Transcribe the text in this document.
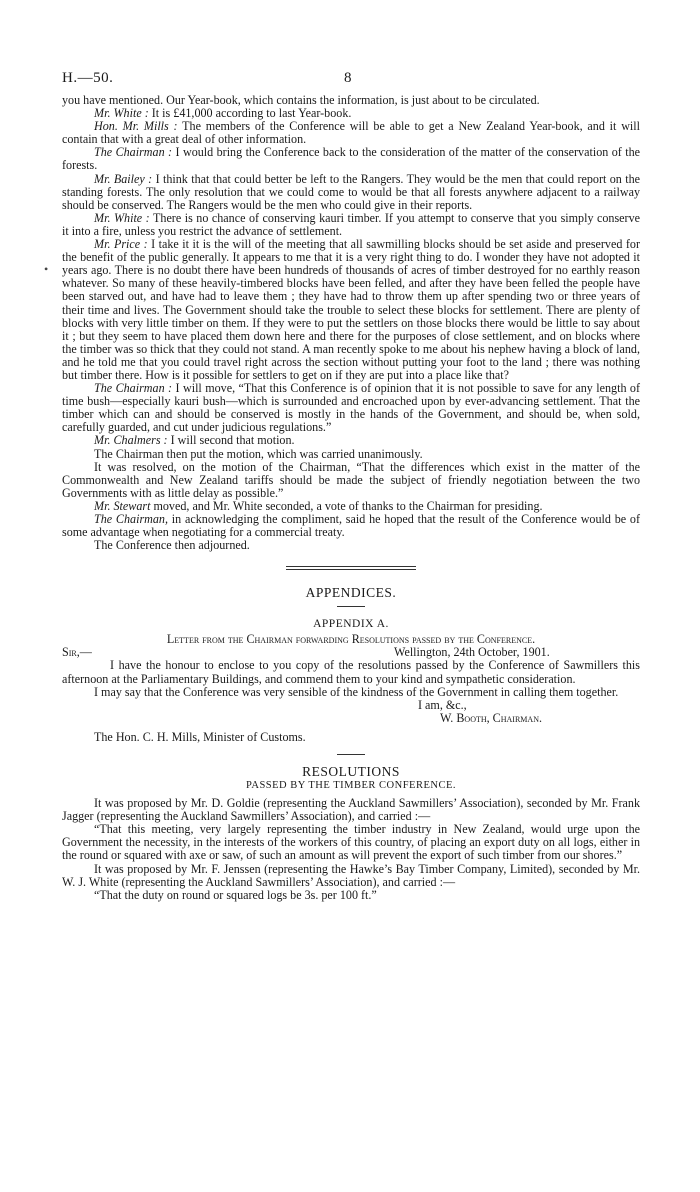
H.—50.	8

you have mentioned. Our Year-book, which contains the information, is just about to be circulated.

Mr. White : It is £41,000 according to last Year-book.

Hon. Mr. Mills : The members of the Conference will be able to get a New Zealand Year-book, and it will contain that with a great deal of other information.

The Chairman : I would bring the Conference back to the consideration of the matter of the conservation of the forests.

Mr. Bailey : I think that that could better be left to the Rangers. They would be the men that could report on the standing forests. The only resolution that we could come to would be that all forests anywhere adjacent to a railway should be conserved. The Rangers would be the men who could give in their reports.

Mr. White : There is no chance of conserving kauri timber. If you attempt to conserve that you simply conserve it into a fire, unless you restrict the advance of settlement.

Mr. Price : I take it it is the will of the meeting that all sawmilling blocks should be set aside and preserved for the benefit of the public generally. It appears to me that it is a very right thing to do. I wonder they have not adopted it years ago. There is no doubt there have been hundreds of thousands of acres of timber destroyed for no earthly reason whatever. So many of these heavily-timbered blocks have been felled, and after they have been felled the people have been starved out, and have had to leave them ; they have had to throw them up after spending two or three years of their time and lives. The Government should take the trouble to select these blocks for settlement. There are plenty of blocks with very little timber on them. If they were to put the settlers on those blocks there would be little to say about it ; but they seem to have placed them down here and there for the purposes of close settlement, and on blocks where the timber was so thick that they could not stand. A man recently spoke to me about his nephew having a block of land, and he told me that you could travel right across the section without putting your foot to the land ; there was nothing but timber there. How is it possible for settlers to get on if they are put into a place like that?

The Chairman : I will move, “That this Conference is of opinion that it is not possible to save for any length of time bush—especially kauri bush—which is surrounded and encroached upon by ever-advancing settlement. That the timber which can and should be conserved is mostly in the hands of the Government, and should be, when sold, carefully guarded, and cut under judicious regulations.”

Mr. Chalmers : I will second that motion.

The Chairman then put the motion, which was carried unanimously.

It was resolved, on the motion of the Chairman, “That the differences which exist in the matter of the Commonwealth and New Zealand tariffs should be made the subject of friendly negotiation between the two Governments with as little delay as possible.”

Mr. Stewart moved, and Mr. White seconded, a vote of thanks to the Chairman for presiding.

The Chairman, in acknowledging the compliment, said he hoped that the result of the Conference would be of some advantage when negotiating for a commercial treaty.

The Conference then adjourned.

APPENDICES.
APPENDIX A.
Letter from the Chairman forwarding Resolutions passed by the Conference.
Sir,—	Wellington, 24th October, 1901.

I have the honour to enclose to you copy of the resolutions passed by the Conference of Sawmillers this afternoon at the Parliamentary Buildings, and commend them to your kind and sympathetic consideration.

I may say that the Conference was very sensible of the kindness of the Government in calling them together.

I am, &c.,
W. Booth, Chairman.
The Hon. C. H. Mills, Minister of Customs.
RESOLUTIONS
PASSED BY THE TIMBER CONFERENCE.

It was proposed by Mr. D. Goldie (representing the Auckland Sawmillers’ Association), seconded by Mr. Frank Jagger (representing the Auckland Sawmillers’ Association), and carried :—

“That this meeting, very largely representing the timber industry in New Zealand, would urge upon the Government the necessity, in the interests of the workers of this country, of placing an export duty on all logs, either in the round or squared with axe or saw, of such an amount as will prevent the export of such timber from our shores.”

It was proposed by Mr. F. Jenssen (representing the Hawke’s Bay Timber Company, Limited), seconded by Mr. W. J. White (representing the Auckland Sawmillers’ Association), and carried :—

“That the duty on round or squared logs be 3s. per 100 ft.”

•
